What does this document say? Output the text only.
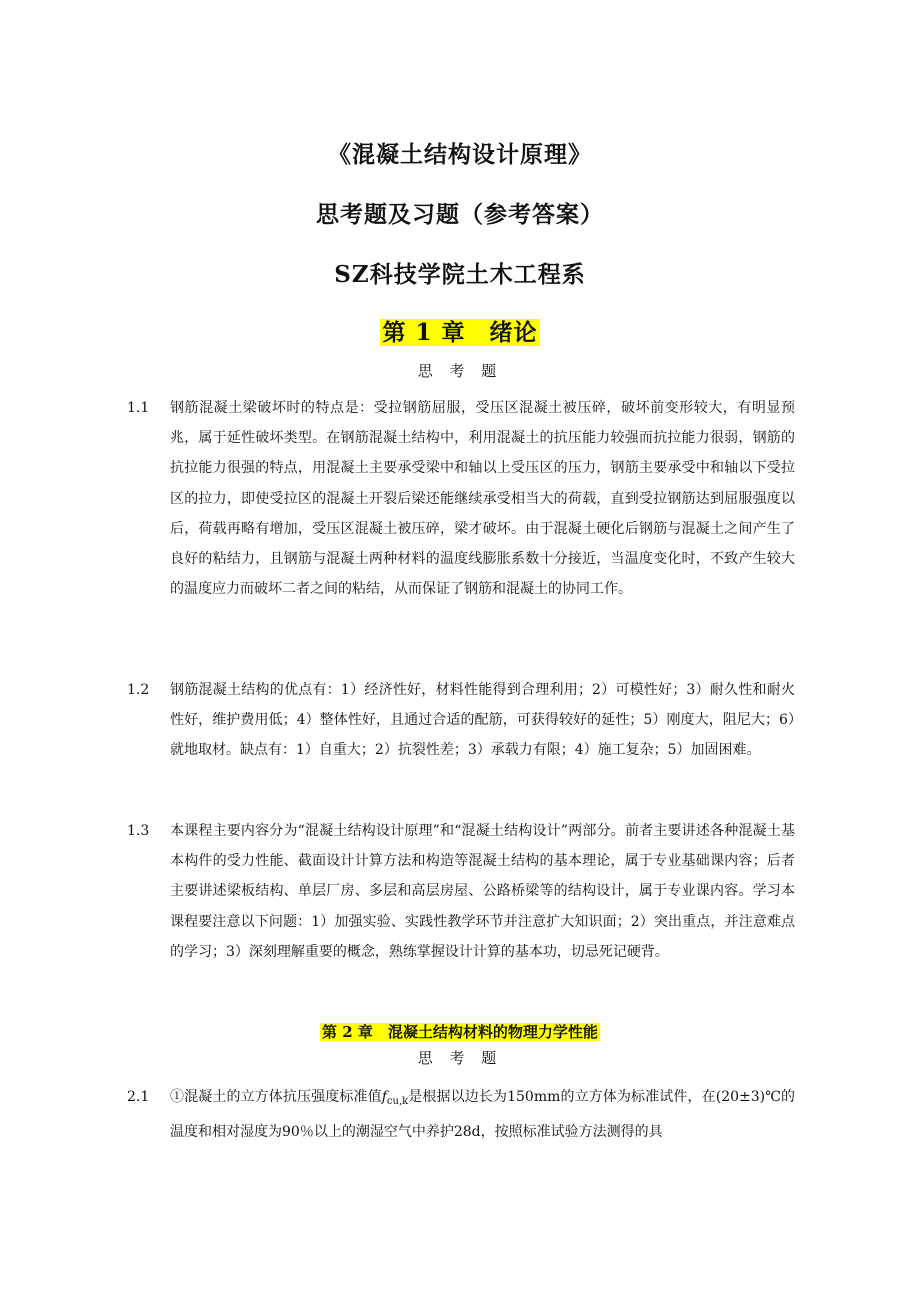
《混凝土结构设计原理》
思考题及习题（参考答案）
SZ科技学院土木工程系
第 1 章　绪论
思 考 题
1.1 钢筋混凝土梁破坏时的特点是：受拉钢筋屈服，受压区混凝土被压碎，破坏前变形较大，有明显预兆，属于延性破坏类型。在钢筋混凝土结构中，利用混凝土的抗压能力较强而抗拉能力很弱，钢筋的抗拉能力很强的特点，用混凝土主要承受梁中和轴以上受压区的压力，钢筋主要承受中和轴以下受拉区的拉力，即使受拉区的混凝土开裂后梁还能继续承受相当大的荷载，直到受拉钢筋达到屈服强度以后，荷载再略有增加，受压区混凝土被压碎，梁才破坏。由于混凝土硬化后钢筋与混凝土之间产生了良好的粘结力，且钢筋与混凝土两种材料的温度线膨胀系数十分接近，当温度变化时，不致产生较大的温度应力而破坏二者之间的粘结，从而保证了钢筋和混凝土的协同工作。
1.2 钢筋混凝土结构的优点有：1）经济性好，材料性能得到合理利用；2）可模性好；3）耐久性和耐火性好，维护费用低；4）整体性好，且通过合适的配筋，可获得较好的延性；5）刚度大，阻尼大；6）就地取材。缺点有：1）自重大；2）抗裂性差；3）承载力有限；4）施工复杂；5）加固困难。
1.3 本课程主要内容分为“混凝土结构设计原理”和“混凝土结构设计”两部分。前者主要讲述各种混凝土基本构件的受力性能、截面设计计算方法和构造等混凝土结构的基本理论，属于专业基础课内容；后者主要讲述梁板结构、单层厂房、多层和高层房屋、公路桥梁等的结构设计，属于专业课内容。学习本课程要注意以下问题：1）加强实验、实践性教学环节并注意扩大知识面；2）突出重点，并注意难点的学习；3）深刻理解重要的概念，熟练掌握设计计算的基本功，切忌死记硬背。
第 2 章　混凝土结构材料的物理力学性能
思 考 题
2.1 ①混凝土的立方体抗压强度标准值$f_{cu,k}$是根据以边长为150mm的立方体为标准试件，在(20±3)℃的温度和相对湿度为90％以上的潮湿空气中养护28d，按照标准试验方法测得的具
